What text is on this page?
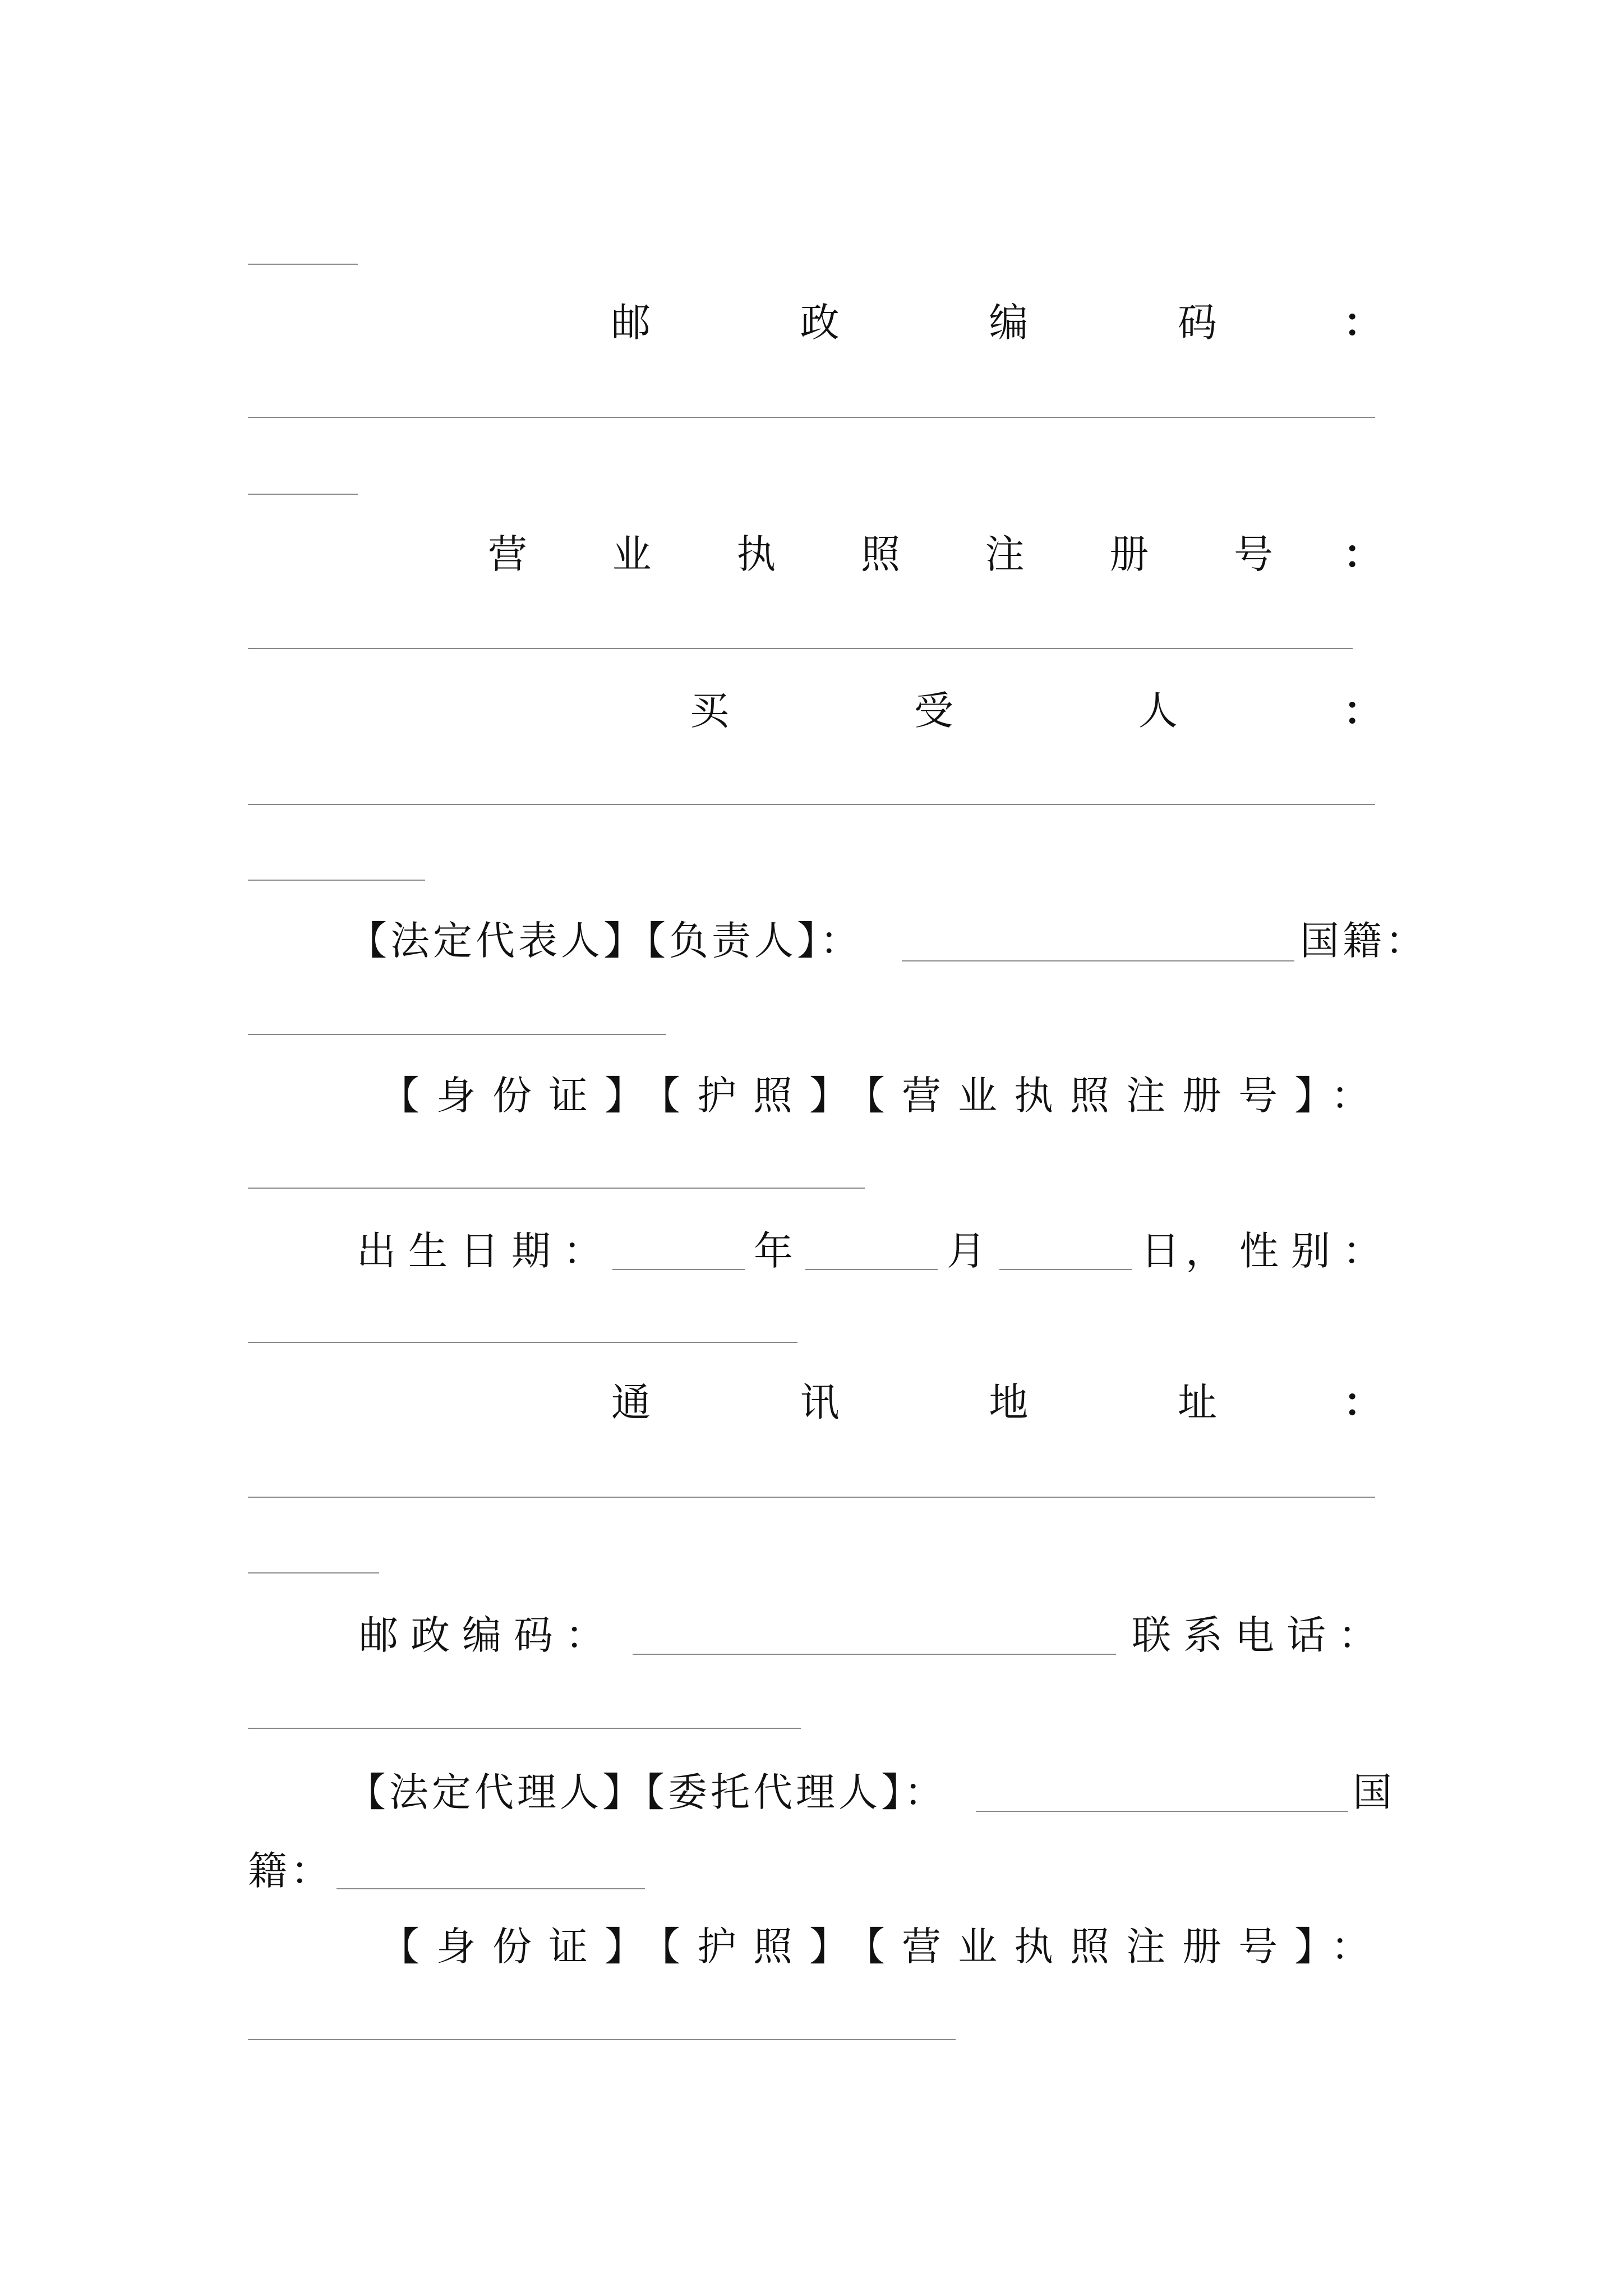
邮	政	编	码	：
营 业 执 照 注 册 号 ：
买	受	人	：
【法定代表人】【负责人】：	国籍：
【身份证】【护照】【营业执照注册号】：
出生日期：	年	月	日， 性别：
通	讯	地	址	：
邮政编码：	联系电话：
【法定代理人】【委托代理人】：	国
籍：
【身份证】【护照】【营业执照注册号】：
